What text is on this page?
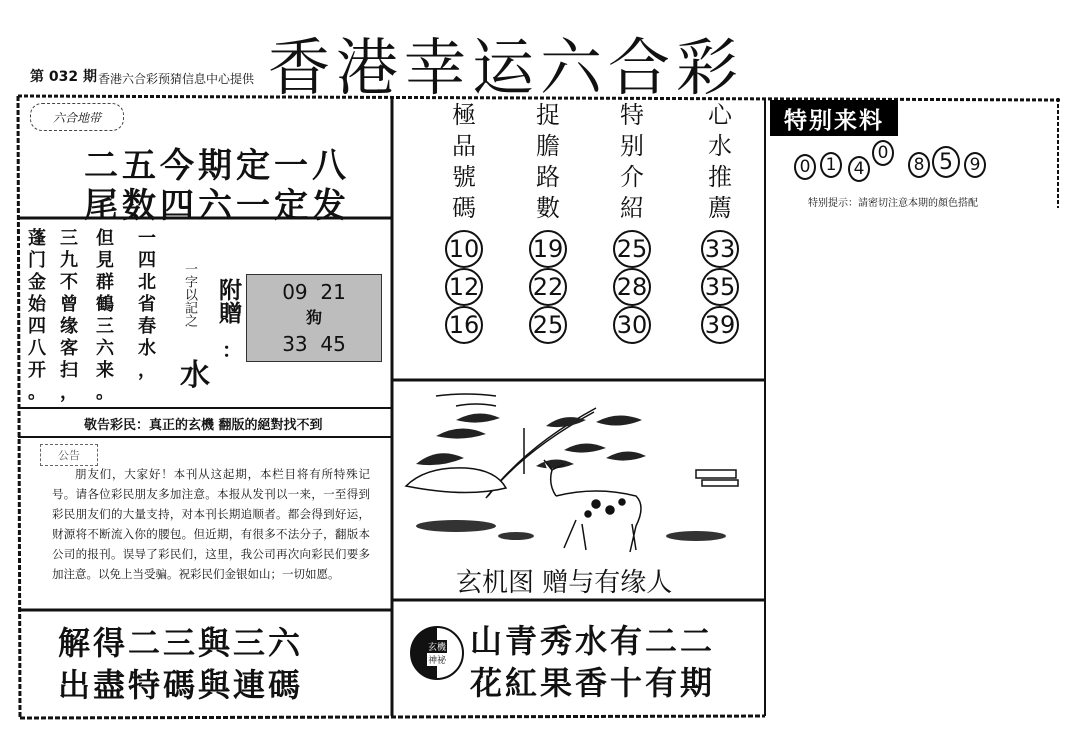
香港幸运六合彩
第 032 期 香港六合彩预猜信息中心提供
六合地带
二五今期定一八
尾数四六一定发
一
四
北
省
春
水
，
但
見
群
鶴
三
六
来
。
三
九
不
曾
缘
客
扫
，
蓬
门
金
始
四
八
开
。
一字以記之 附贈
：
水
09  21
狗
33  45
敬告彩民：真正的玄機 翻版的絕對找不到
公告
朋友们，大家好！本刊从这起期，本栏目将有所特殊记号。请各位彩民朋友多加注意。本报从发刊以一来，一至得到彩民朋友们的大量支持，对本刊长期追顺者。都会得到好运，财源将不断流入你的腰包。但近期，有很多不法分子，翻版本公司的报刊。误导了彩民们，这里，我公司再次向彩民们要多加注意。以免上当受骗。祝彩民们金银如山；一切如愿。
解得二三與三六
出盡特碼與連碼
極
品
號
碼
10
12
16
捉
膽
路
數
19
22
25
特
别
介
紹
25
28
30
心
水
推
薦
33
35
39
特别来料
0 1	4
0
8 5 9
特别提示：請密切注意本期的顏色搭配
玄机图 赠与有缘人
玄機
神祕
山青秀水有二二
花紅果香十有期
